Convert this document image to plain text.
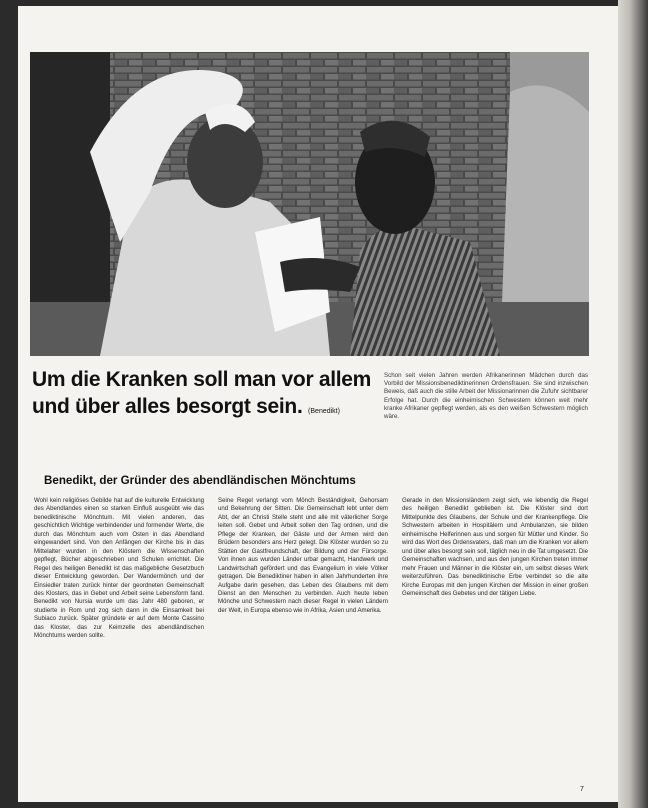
Um die Kranken soll man vor allem
und über alles besorgt sein. (Benedikt)
Schon seit vielen Jahren werden Afrikanerinnen Mädchen durch das Vorbild der Missionsbenediktinerinnen Ordensfrauen. Sie sind inzwischen Beweis, daß auch die stille Arbeit der Missionarinnen die Zufuhr sichtbarer Erfolge hat. Durch die einheimischen Schwestern können weit mehr kranke Afrikaner gepflegt werden, als es den weißen Schwestern möglich wäre.
Benedikt, der Gründer des abendländischen Mönchtums
Wohl kein religiöses Gebilde hat auf die kulturelle Entwicklung des Abendlandes einen so starken Einfluß ausgeübt wie das benediktinische Mönchtum. Mit vielen anderen, das geschichtlich Wichtige verbindender und formender Werte, die durch das Mönchtum auch vom Osten in das Abendland eingewandert sind. Von den Anfängen der Kirche bis in das Mittelalter wurden in den Klöstern die Wissenschaften gepflegt, Bücher abgeschrieben und Schulen errichtet. Die Regel des heiligen Benedikt ist das maßgebliche Gesetzbuch dieser Entwicklung geworden. Der Wandermönch und der Einsiedler traten zurück hinter der geordneten Gemeinschaft des Klosters, das in Gebet und Arbeit seine Lebensform fand. Benedikt von Nursia wurde um das Jahr 480 geboren, er studierte in Rom und zog sich dann in die Einsamkeit bei Subiaco zurück. Später gründete er auf dem Monte Cassino das Kloster, das zur Keimzelle des abendländischen Mönchtums werden sollte.
Seine Regel verlangt vom Mönch Beständigkeit, Gehorsam und Bekehrung der Sitten. Die Gemeinschaft lebt unter dem Abt, der an Christi Stelle steht und alle mit väterlicher Sorge leiten soll. Gebet und Arbeit sollen den Tag ordnen, und die Pflege der Kranken, der Gäste und der Armen wird den Brüdern besonders ans Herz gelegt. Die Klöster wurden so zu Stätten der Gastfreundschaft, der Bildung und der Fürsorge. Von ihnen aus wurden Länder urbar gemacht, Handwerk und Landwirtschaft gefördert und das Evangelium in viele Völker getragen. Die Benediktiner haben in allen Jahrhunderten ihre Aufgabe darin gesehen, das Leben des Glaubens mit dem Dienst an den Menschen zu verbinden. Auch heute leben Mönche und Schwestern nach dieser Regel in vielen Ländern der Welt, in Europa ebenso wie in Afrika, Asien und Amerika.
Gerade in den Missionsländern zeigt sich, wie lebendig die Regel des heiligen Benedikt geblieben ist. Die Klöster sind dort Mittelpunkte des Glaubens, der Schule und der Krankenpflege. Die Schwestern arbeiten in Hospitälern und Ambulanzen, sie bilden einheimische Helferinnen aus und sorgen für Mütter und Kinder. So wird das Wort des Ordensvaters, daß man um die Kranken vor allem und über alles besorgt sein soll, täglich neu in die Tat umgesetzt. Die Gemeinschaften wachsen, und aus den jungen Kirchen treten immer mehr Frauen und Männer in die Klöster ein, um selbst dieses Werk weiterzuführen. Das benediktinische Erbe verbindet so die alte Kirche Europas mit den jungen Kirchen der Mission in einer großen Gemeinschaft des Gebetes und der tätigen Liebe.
7
